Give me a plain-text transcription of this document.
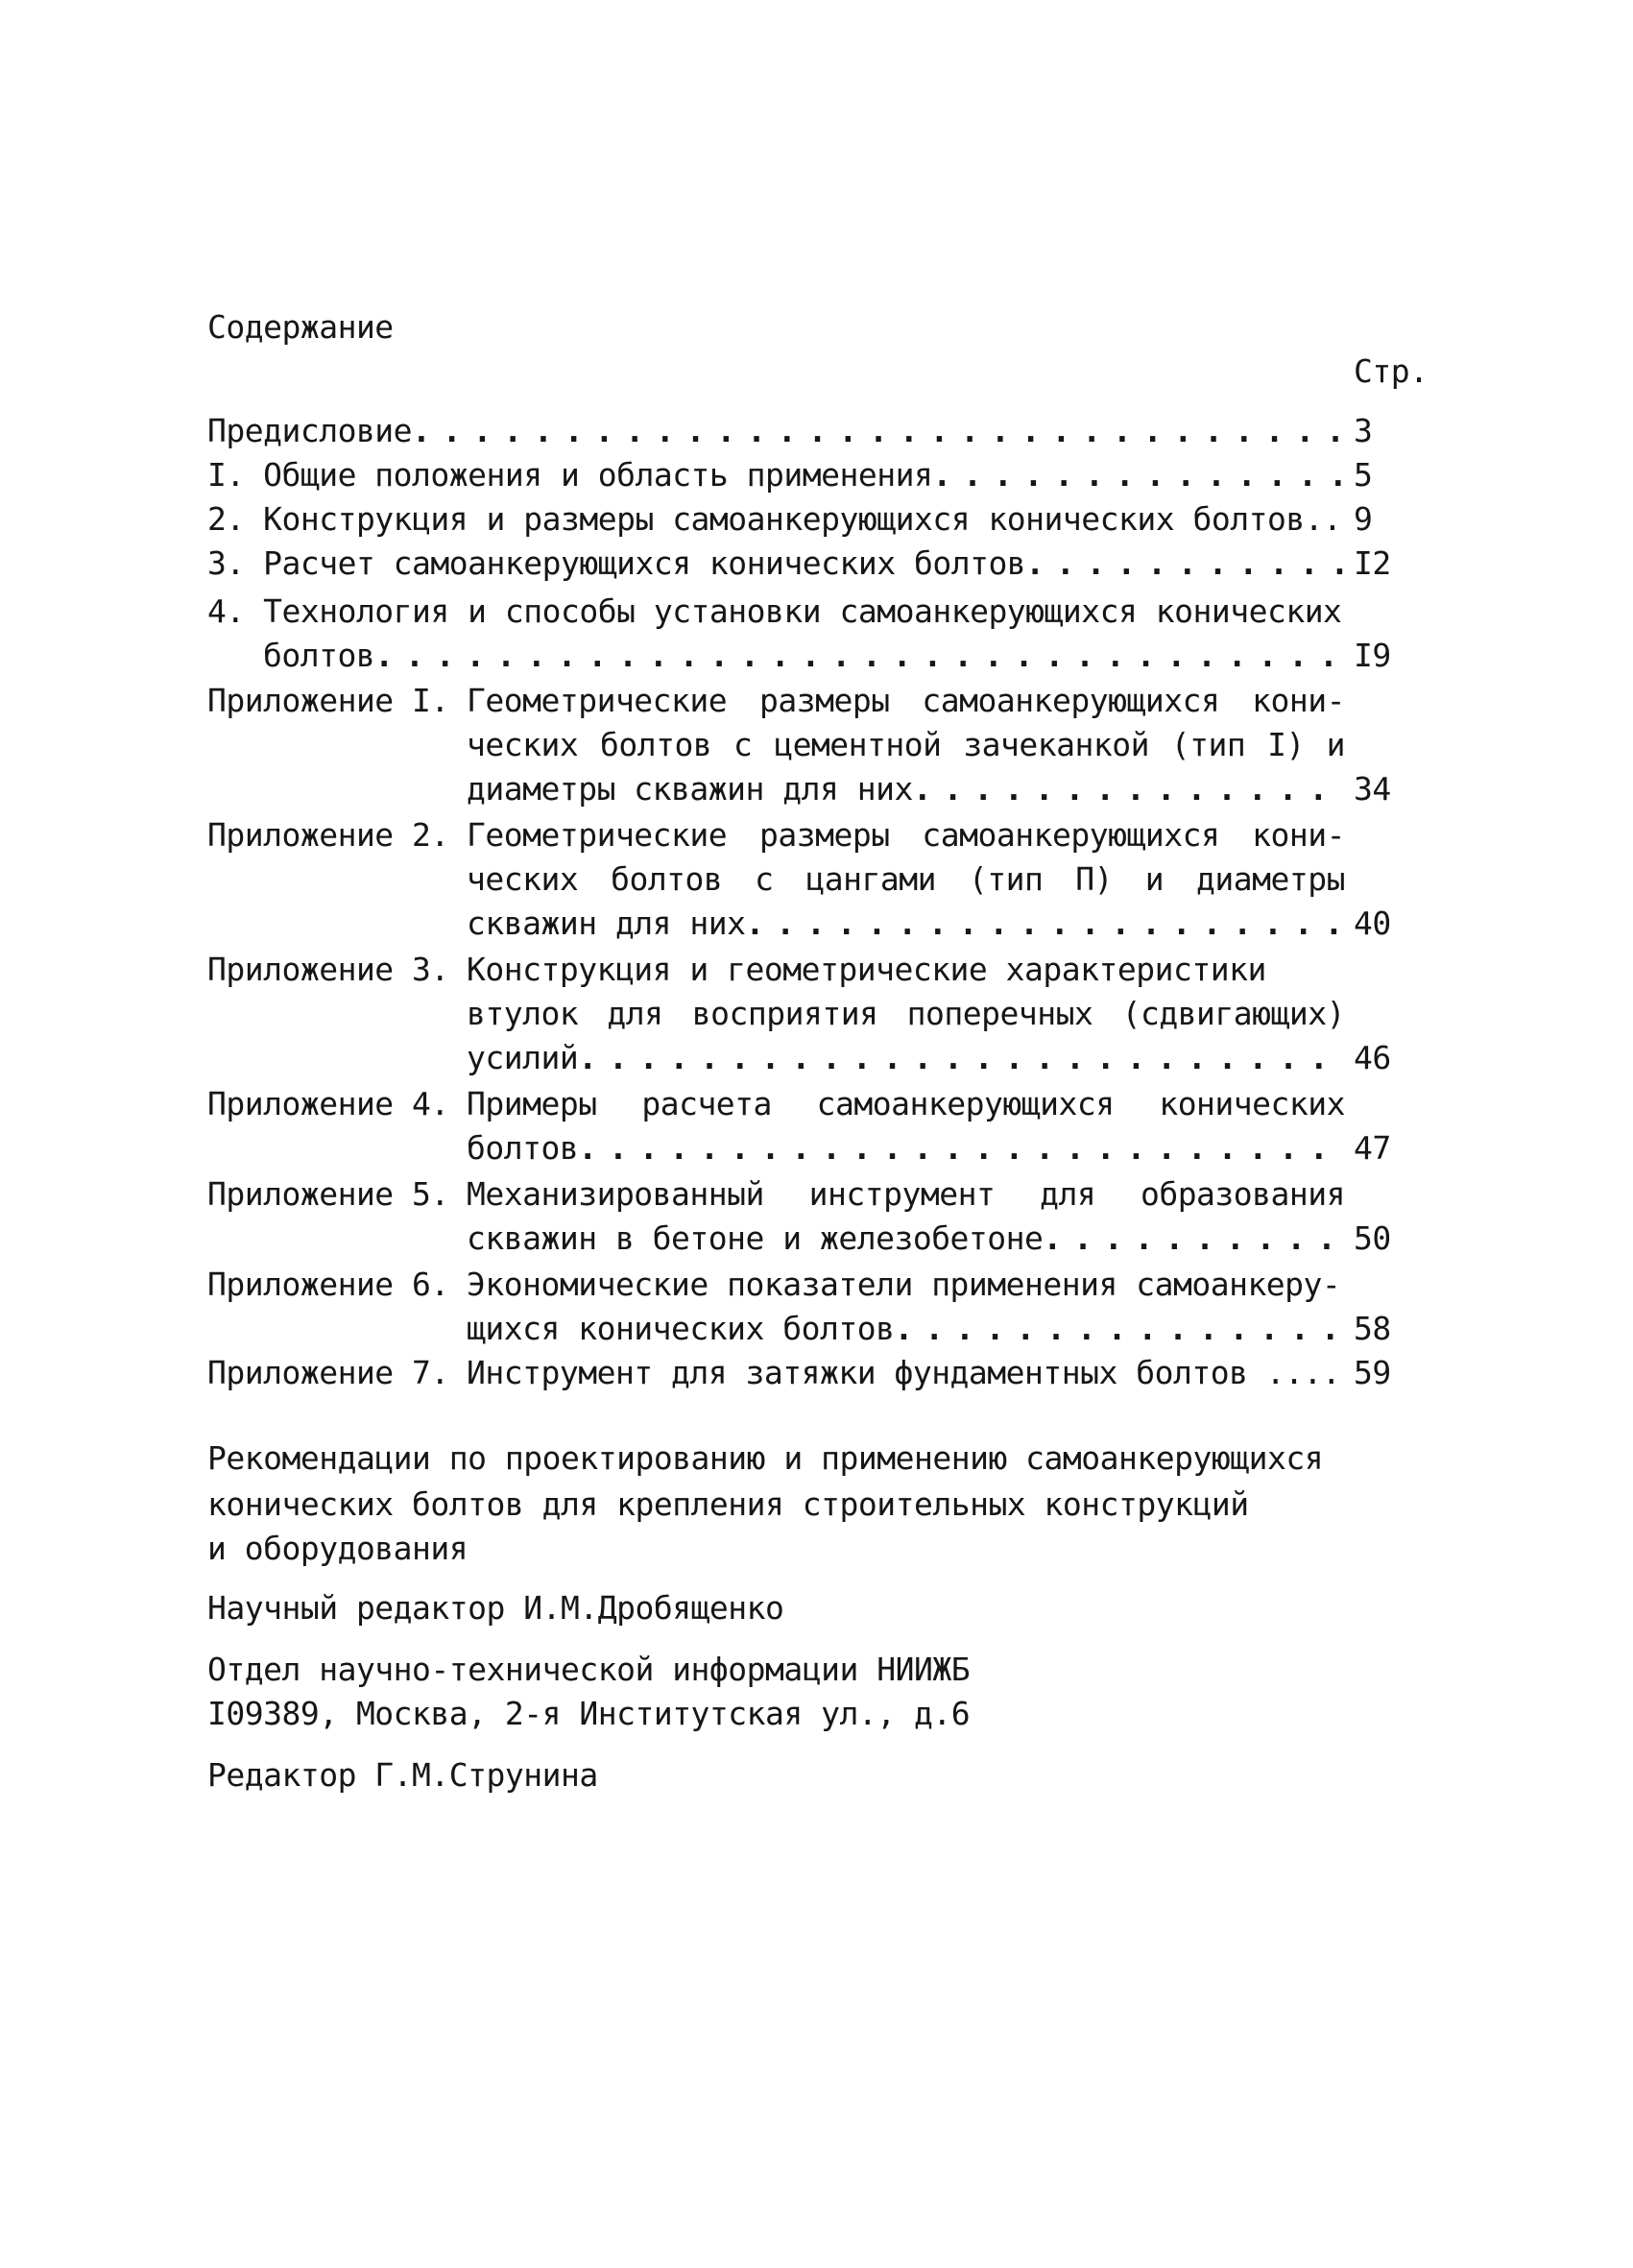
Содержание
Стр.
Предисловие . . .	3
I. Общие положения и область применения . . .	5
2. Конструкция и размеры самоанкерующихся конических болтов.. 9
3. Расчет самоанкерующихся конических болтов . . .	I2
4. Технология и способы установки самоанкерующихся конических
болтов . . .	I9
Приложение I. Геометрические размеры самоанкерующихся кони-
ческих болтов с цементной зачеканкой (тип I) и
диаметры скважин для них . . .	34
Приложение 2. Геометрические размеры самоанкерующихся кони-
ческих болтов с цангами (тип П) и диаметры
скважин для них . . .	40
Приложение 3. Конструкция и геометрические характеристики
втулок для восприятия поперечных (сдвигающих)
усилий . . .	46
Приложение 4. Примеры расчета самоанкерующихся конических
болтов . . .	47
Приложение 5. Механизированный инструмент для образования
скважин в бетоне и железобетоне . . .	50
Приложение 6. Экономические показатели применения самоанкеру-
щихся конических болтов . . .	58
Приложение 7. Инструмент для затяжки фундаментных болтов .... 59
Рекомендации по проектированию и применению самоанкерующихся
конических болтов для крепления строительных конструкций
и оборудования
Научный редактор И.М.Дробященко
Отдел научно-технической информации НИИЖБ
I09389, Москва, 2-я Институтская ул., д.6
Редактор Г.М.Струнина
